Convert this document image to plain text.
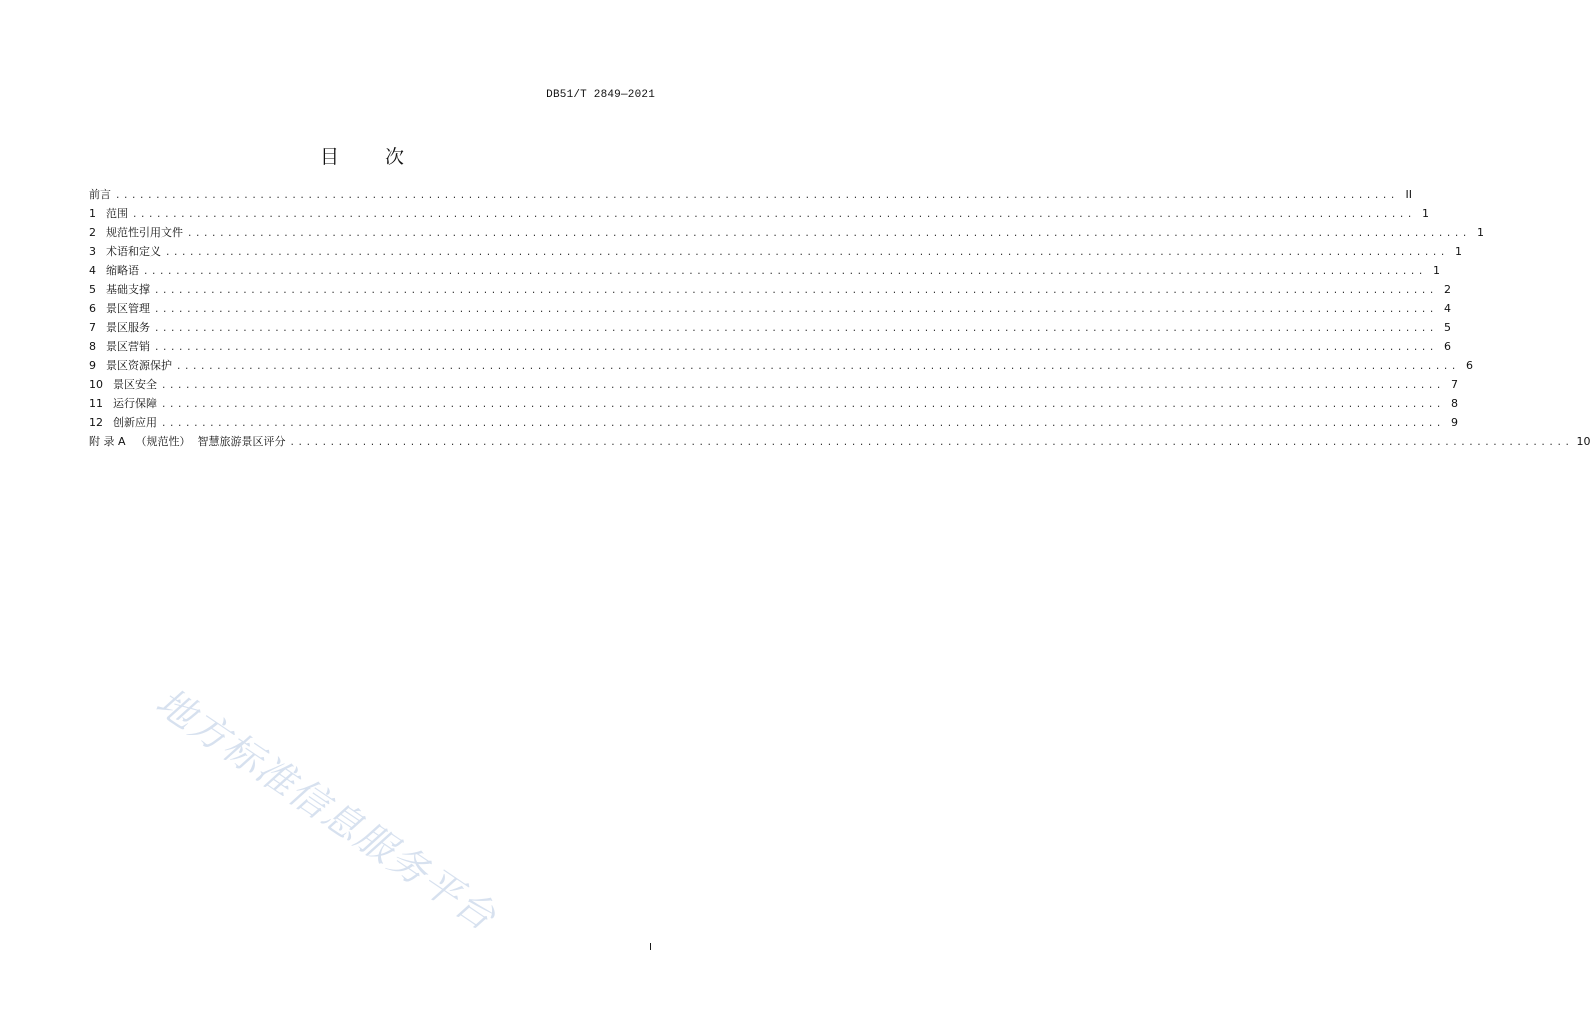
DB51/T 2849—2021
目 次
前言 ................................................................................................................................................................ II
1 范围 ................................................................................................................................................................ 1
2 规范性引用文件 ................................................................................................................................................................ 1
3 术语和定义 ................................................................................................................................................................ 1
4 缩略语 ................................................................................................................................................................ 1
5 基础支撑 ................................................................................................................................................................ 2
6 景区管理 ................................................................................................................................................................ 4
7 景区服务 ................................................................................................................................................................ 5
8 景区营销 ................................................................................................................................................................ 6
9 景区资源保护 ................................................................................................................................................................ 6
10 景区安全 ................................................................................................................................................................ 7
11 运行保障 ................................................................................................................................................................ 8
12 创新应用 ................................................................................................................................................................ 9
附 录 A （规范性）  智慧旅游景区评分 ................................................................................................................................................................ 10
地方标准信息服务平台
I
